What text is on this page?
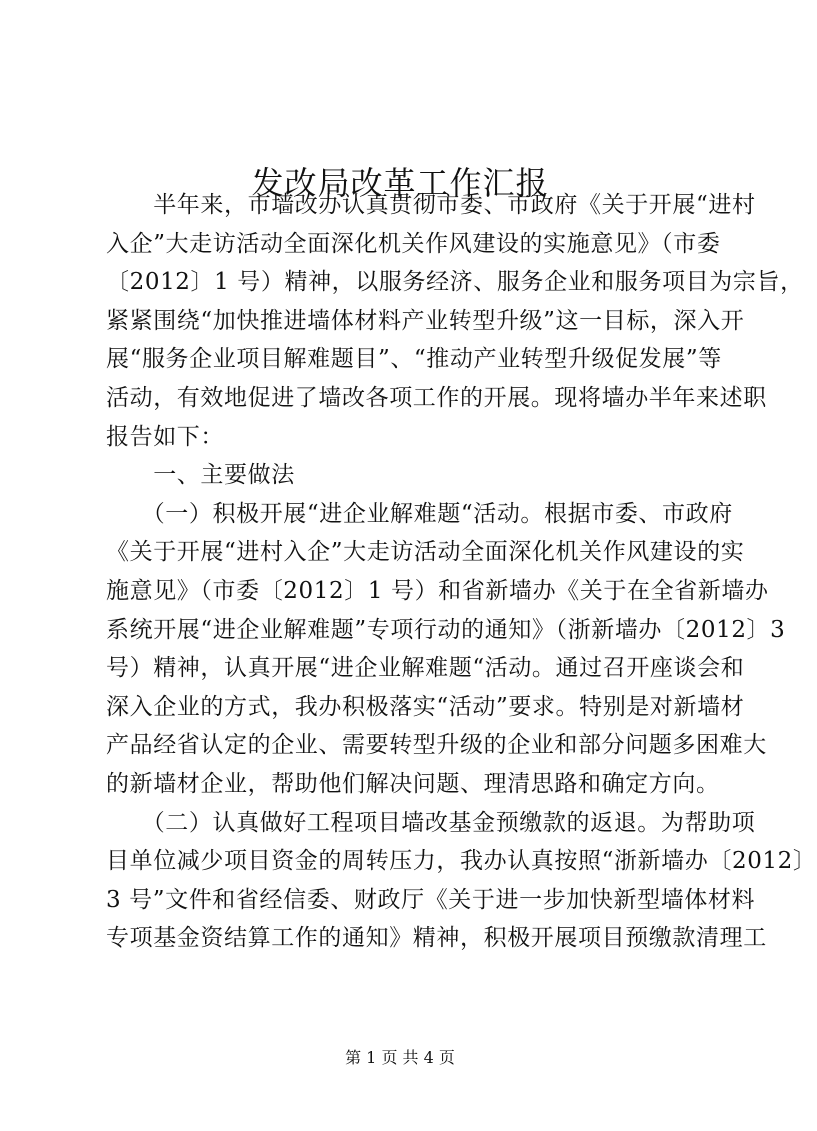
发改局改革工作汇报
　　半年来，市墙改办认真贯彻市委、市政府《关于开展“进村
入企”大走访活动全面深化机关作风建设的实施意见》（市委
〔2012〕1 号）精神，以服务经济、服务企业和服务项目为宗旨，
紧紧围绕“加快推进墙体材料产业转型升级”这一目标，深入开
展“服务企业项目解难题目”、“推动产业转型升级促发展”等
活动，有效地促进了墙改各项工作的开展。现将墙办半年来述职
报告如下：
　　一、主要做法
　　（一）积极开展“进企业解难题“活动。根据市委、市政府
《关于开展“进村入企”大走访活动全面深化机关作风建设的实
施意见》（市委〔2012〕1 号）和省新墙办《关于在全省新墙办
系统开展“进企业解难题”专项行动的通知》（浙新墙办〔2012〕3
号）精神，认真开展“进企业解难题“活动。通过召开座谈会和
深入企业的方式，我办积极落实“活动”要求。特别是对新墙材
产品经省认定的企业、需要转型升级的企业和部分问题多困难大
的新墙材企业，帮助他们解决问题、理清思路和确定方向。
　　（二）认真做好工程项目墙改基金预缴款的返退。为帮助项
目单位减少项目资金的周转压力，我办认真按照“浙新墙办〔2012〕
3 号”文件和省经信委、财政厅《关于进一步加快新型墙体材料
专项基金资结算工作的通知》精神，积极开展项目预缴款清理工
第 1 页 共 4 页
